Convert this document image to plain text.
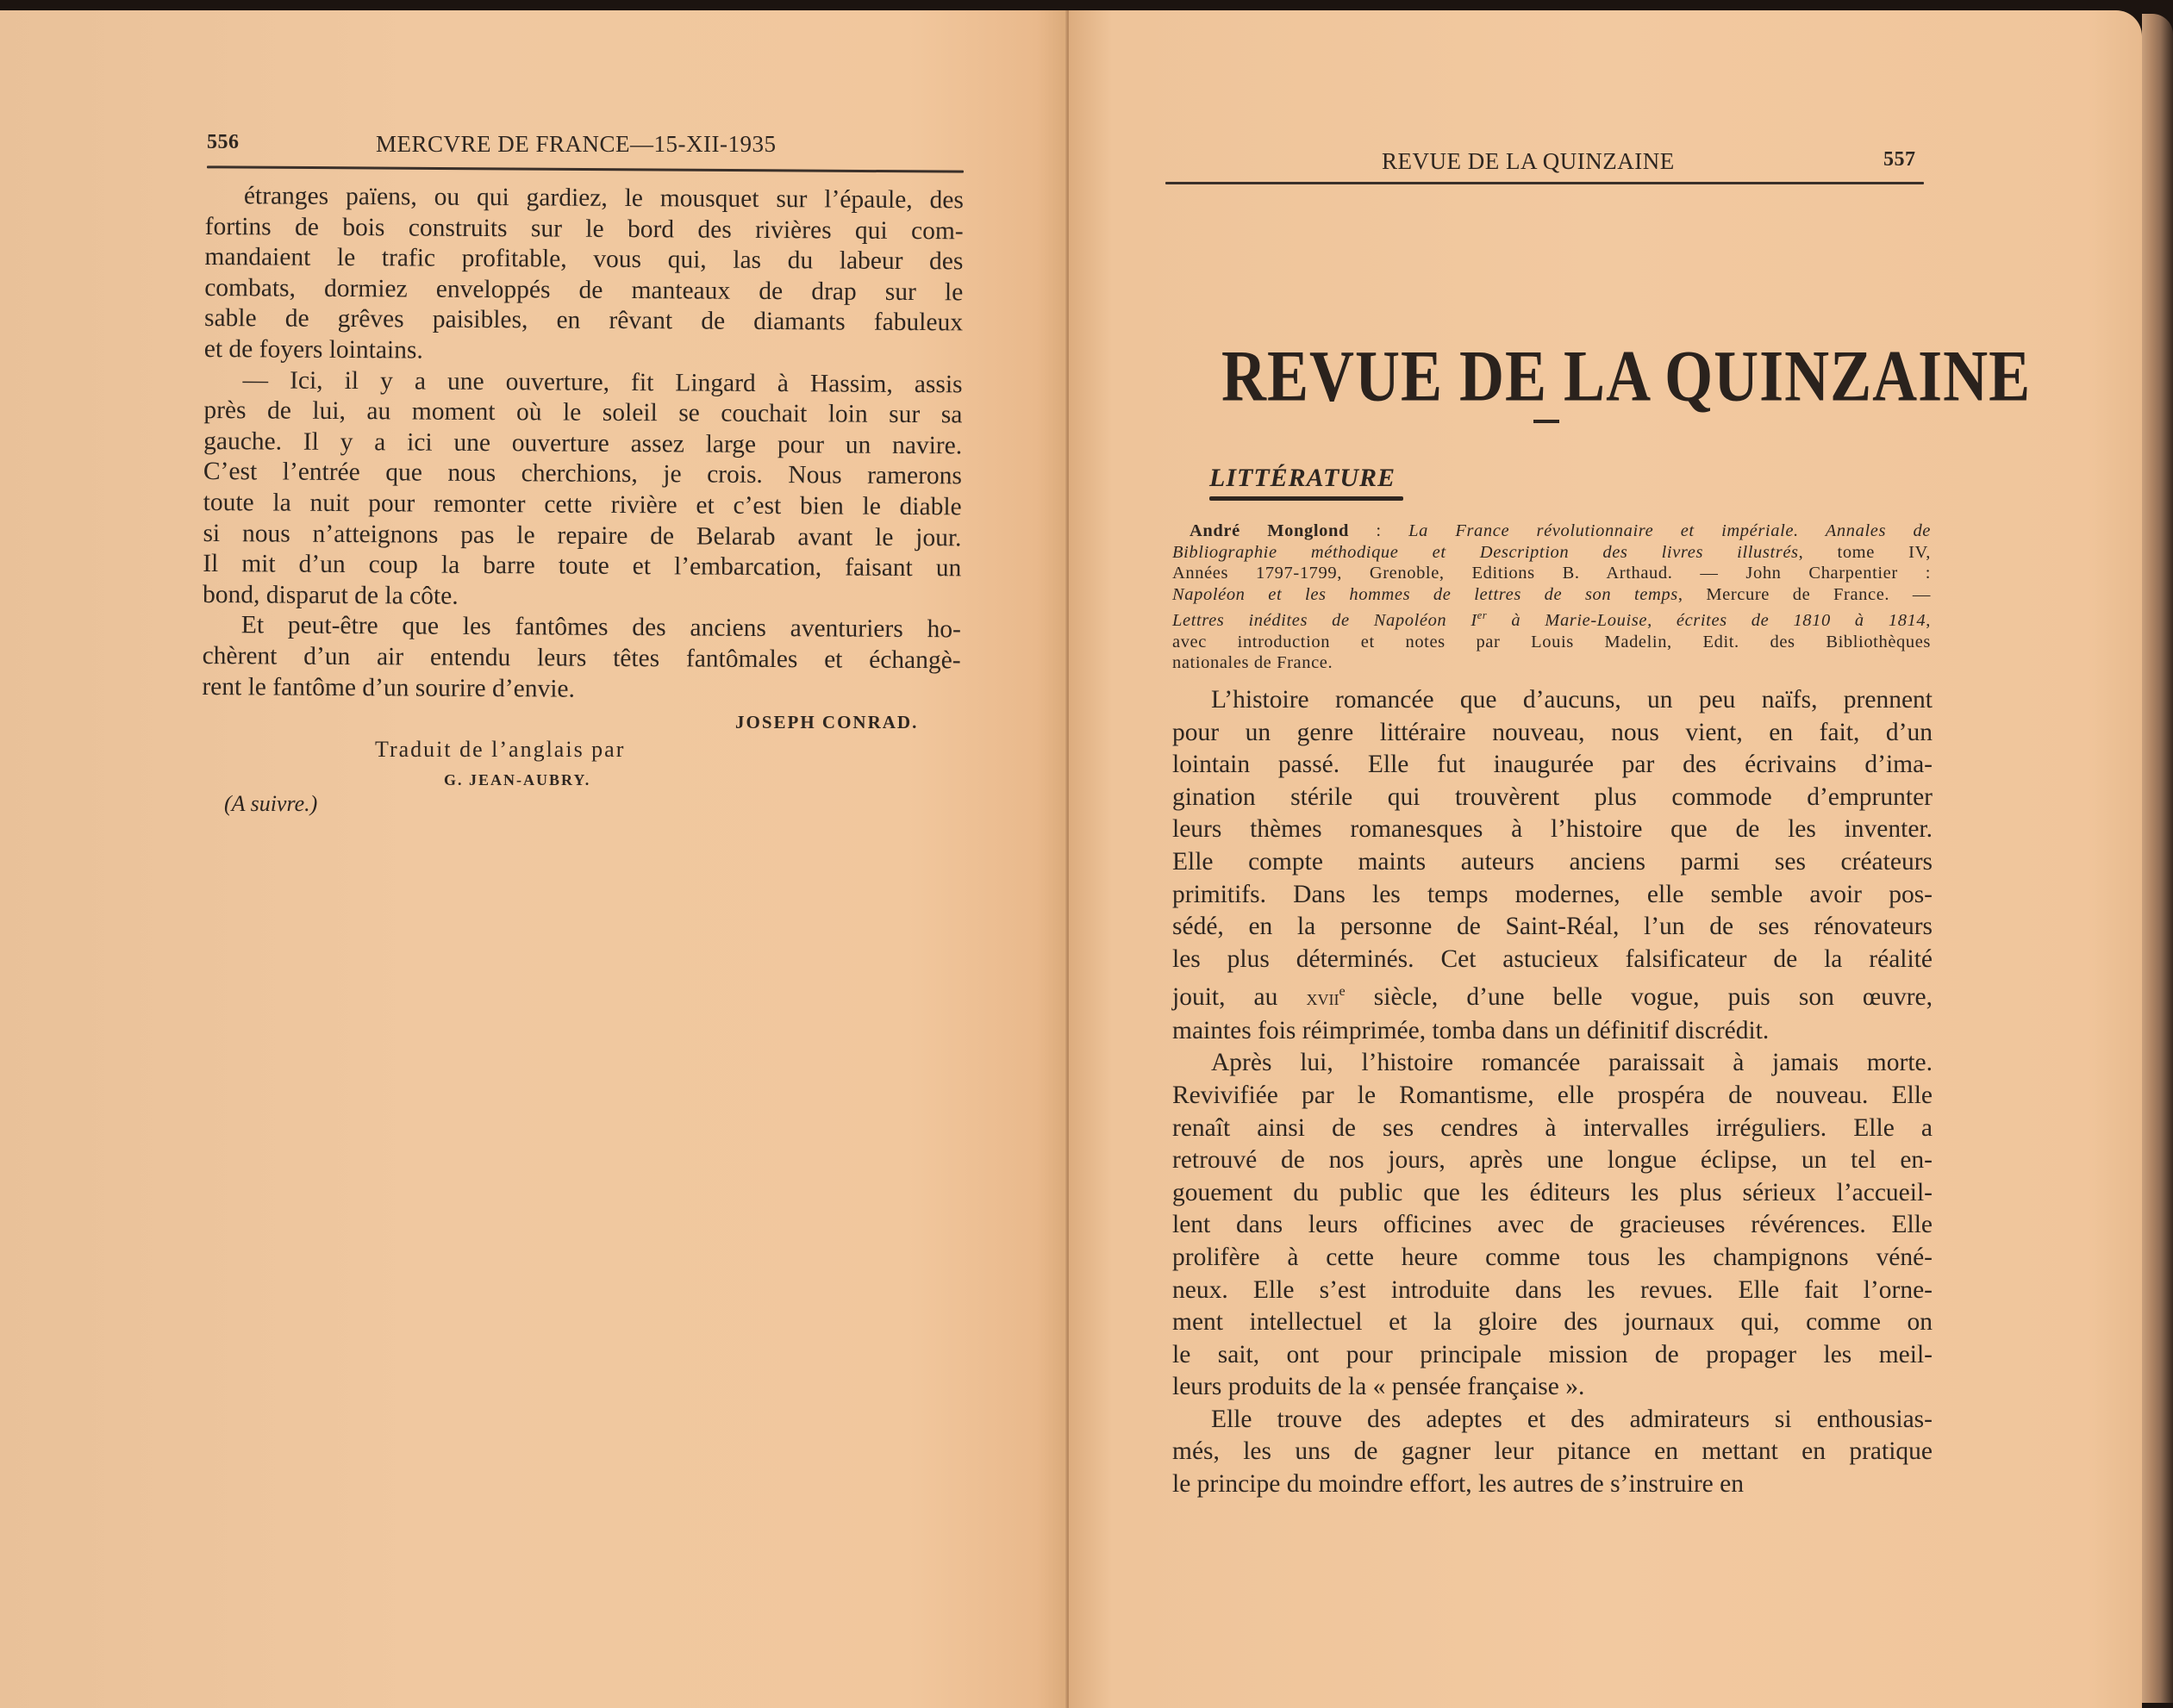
556	MERCVRE DE FRANCE—15-XII-1935

étranges païens, ou qui gardiez, le mousquet sur l’épaule, des

fortins de bois construits sur le bord des rivières qui com-

mandaient le trafic profitable, vous qui, las du labeur des

combats, dormiez enveloppés de manteaux de drap sur le

sable de grêves paisibles, en rêvant de diamants fabuleux

et de foyers lointains.

— Ici, il y a une ouverture, fit Lingard à Hassim, assis

près de lui, au moment où le soleil se couchait loin sur sa

gauche. Il y a ici une ouverture assez large pour un navire.

C’est l’entrée que nous cherchions, je crois. Nous ramerons

toute la nuit pour remonter cette rivière et c’est bien le diable

si nous n’atteignons pas le repaire de Belarab avant le jour.

Il mit d’un coup la barre toute et l’embarcation, faisant un

bond, disparut de la côte.

Et peut-être que les fantômes des anciens aventuriers ho-

chèrent d’un air entendu leurs têtes fantômales et échangè-

rent le fantôme d’un sourire d’envie.

JOSEPH CONRAD.
Traduit de l’anglais par
G. JEAN-AUBRY.
(A suivre.)
REVUE DE LA QUINZAINE	557
REVUE DE LA QUINZAINE
LITTÉRATURE

André Monglond : La France révolutionnaire et impériale. Annales de

Bibliographie méthodique et Description des livres illustrés, tome IV,

Années 1797-1799, Grenoble, Editions B. Arthaud. — John Charpentier :

Napoléon et les hommes de lettres de son temps, Mercure de France. —

Lettres inédites de Napoléon Ier à Marie-Louise, écrites de 1810 à 1814,

avec introduction et notes par Louis Madelin, Edit. des Bibliothèques

nationales de France.

L’histoire romancée que d’aucuns, un peu naïfs, prennent

pour un genre littéraire nouveau, nous vient, en fait, d’un

lointain passé. Elle fut inaugurée par des écrivains d’ima-

gination stérile qui trouvèrent plus commode d’emprunter

leurs thèmes romanesques à l’histoire que de les inventer.

Elle compte maints auteurs anciens parmi ses créateurs

primitifs. Dans les temps modernes, elle semble avoir pos-

sédé, en la personne de Saint-Réal, l’un de ses rénovateurs

les plus déterminés. Cet astucieux falsificateur de la réalité

jouit, au xvii$^e$ siècle, d’une belle vogue, puis son œuvre,

maintes fois réimprimée, tomba dans un définitif discrédit.

Après lui, l’histoire romancée paraissait à jamais morte.

Revivifiée par le Romantisme, elle prospéra de nouveau. Elle

renaît ainsi de ses cendres à intervalles irréguliers. Elle a

retrouvé de nos jours, après une longue éclipse, un tel en-

gouement du public que les éditeurs les plus sérieux l’accueil-

lent dans leurs officines avec de gracieuses révérences. Elle

prolifère à cette heure comme tous les champignons véné-

neux. Elle s’est introduite dans les revues. Elle fait l’orne-

ment intellectuel et la gloire des journaux qui, comme on

le sait, ont pour principale mission de propager les meil-

leurs produits de la « pensée française ».

Elle trouve des adeptes et des admirateurs si enthousias-

més, les uns de gagner leur pitance en mettant en pratique

le principe du moindre effort, les autres de s’instruire en
